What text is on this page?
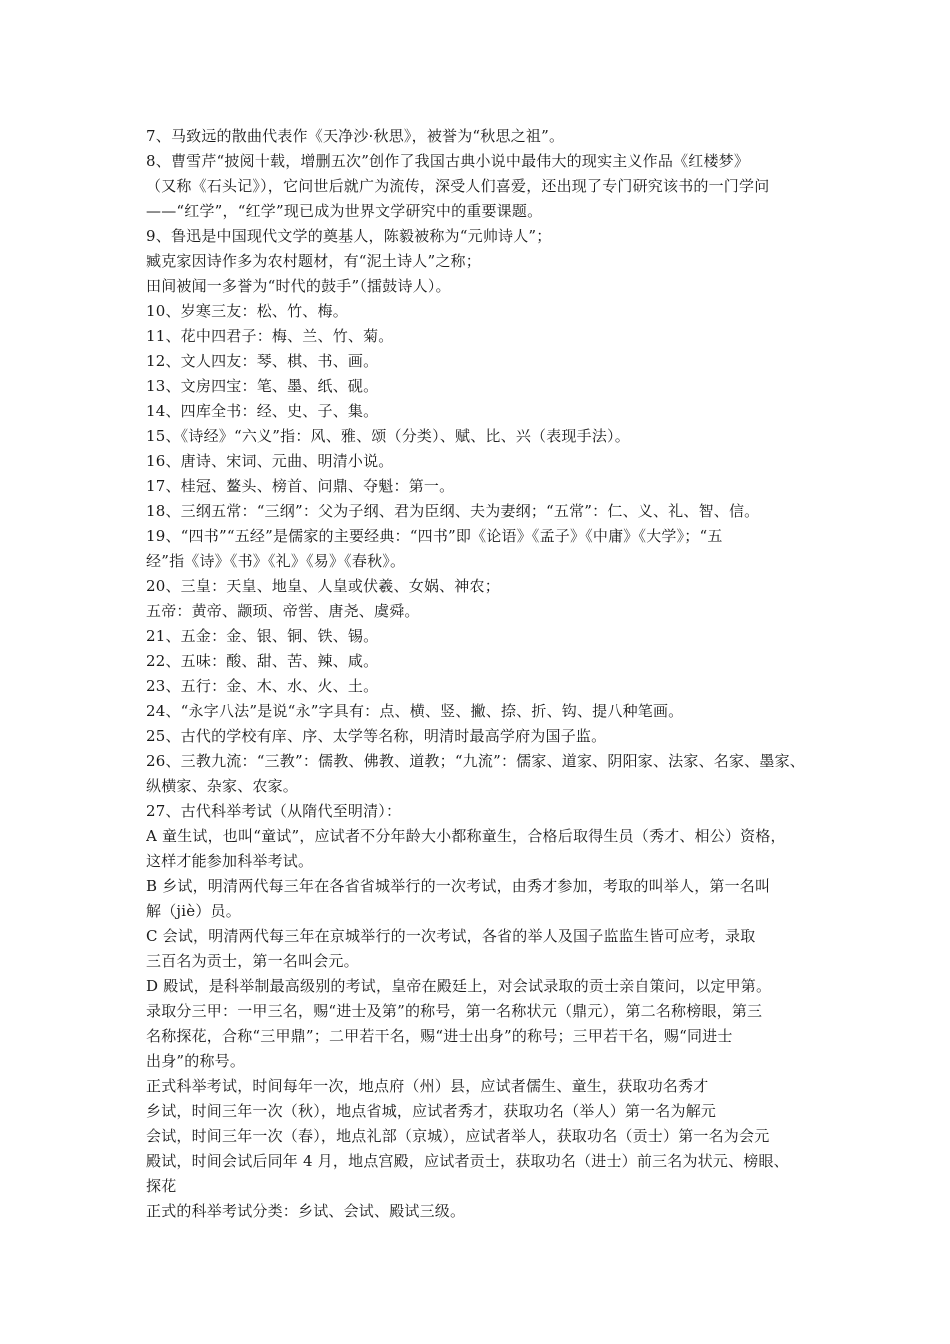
7、马致远的散曲代表作《天净沙·秋思》，被誉为“秋思之祖”。
8、曹雪芹“披阅十载，增删五次”创作了我国古典小说中最伟大的现实主义作品《红楼梦》
（又称《石头记》），它问世后就广为流传，深受人们喜爱，还出现了专门研究该书的一门学问
——“红学”，“红学”现已成为世界文学研究中的重要课题。
9、鲁迅是中国现代文学的奠基人，陈毅被称为“元帅诗人”；
臧克家因诗作多为农村题材，有“泥土诗人”之称；
田间被闻一多誉为“时代的鼓手”（擂鼓诗人）。
10、岁寒三友：松、竹、梅。
11、花中四君子：梅、兰、竹、菊。
12、文人四友：琴、棋、书、画。
13、文房四宝：笔、墨、纸、砚。
14、四库全书：经、史、子、集。
15、《诗经》“六义”指：风、雅、颂（分类）、赋、比、兴（表现手法）。
16、唐诗、宋词、元曲、明清小说。
17、桂冠、鳌头、榜首、问鼎、夺魁：第一。
18、三纲五常：“三纲”：父为子纲、君为臣纲、夫为妻纲；“五常”：仁、义、礼、智、信。
19、“四书”“五经”是儒家的主要经典：“四书”即《论语》《孟子》《中庸》《大学》；“五
经”指《诗》《书》《礼》《易》《春秋》。
20、三皇：天皇、地皇、人皇或伏羲、女娲、神农；
五帝：黄帝、颛顼、帝喾、唐尧、虞舜。
21、五金：金、银、铜、铁、锡。
22、五味：酸、甜、苦、辣、咸。
23、五行：金、木、水、火、土。
24、“永字八法”是说“永”字具有：点、横、竖、撇、捺、折、钩、提八种笔画。
25、古代的学校有庠、序、太学等名称，明清时最高学府为国子监。
26、三教九流：“三教”：儒教、佛教、道教；“九流”：儒家、道家、阴阳家、法家、名家、墨家、
纵横家、杂家、农家。
27、古代科举考试（从隋代至明清）：
A 童生试，也叫“童试”，应试者不分年龄大小都称童生，合格后取得生员（秀才、相公）资格，
这样才能参加科举考试。
B 乡试，明清两代每三年在各省省城举行的一次考试，由秀才参加，考取的叫举人，第一名叫
解（jiè）员。
C 会试，明清两代每三年在京城举行的一次考试，各省的举人及国子监监生皆可应考，录取
三百名为贡士，第一名叫会元。
D 殿试，是科举制最高级别的考试，皇帝在殿廷上，对会试录取的贡士亲自策问，以定甲第。
录取分三甲：一甲三名，赐“进士及第”的称号，第一名称状元（鼎元），第二名称榜眼，第三
名称探花，合称“三甲鼎”；二甲若干名，赐“进士出身”的称号；三甲若干名，赐“同进士
出身”的称号。
正式科举考试，时间每年一次，地点府（州）县，应试者儒生、童生，获取功名秀才
乡试，时间三年一次（秋），地点省城，应试者秀才，获取功名（举人）第一名为解元
会试，时间三年一次（春），地点礼部（京城），应试者举人，获取功名（贡士）第一名为会元
殿试，时间会试后同年 4 月，地点宫殿，应试者贡士，获取功名（进士）前三名为状元、榜眼、
探花
正式的科举考试分类：乡试、会试、殿试三级。
